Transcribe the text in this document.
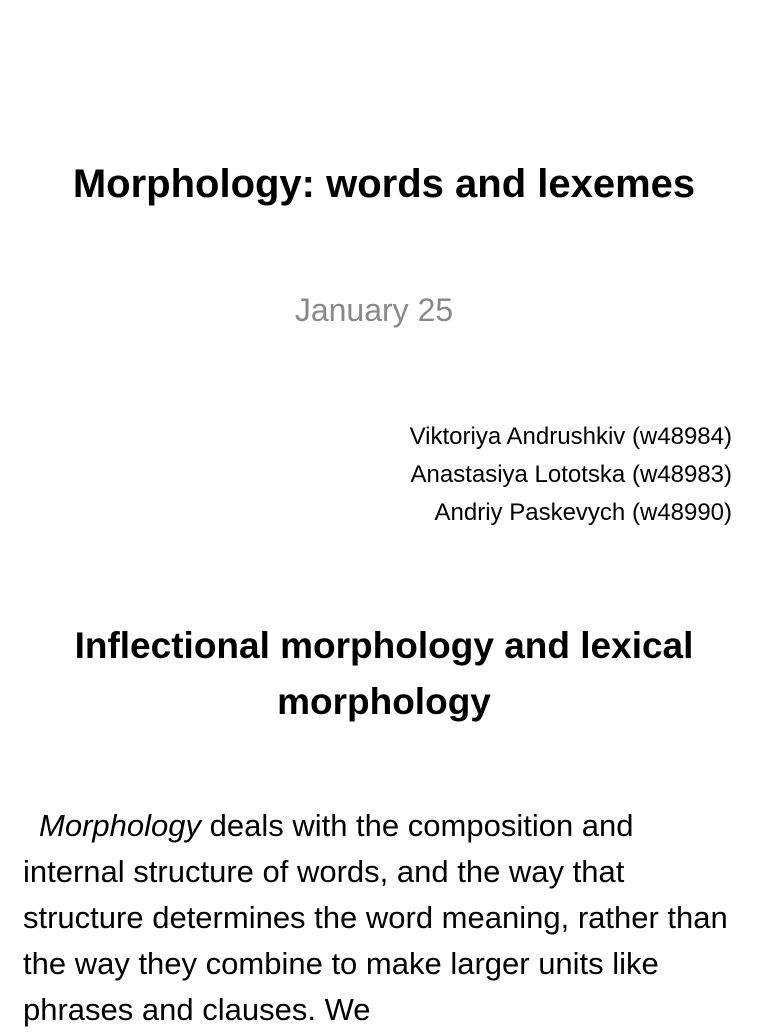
Morphology: words and lexemes
January 25
Viktoriya Andrushkiv (w48984)
Anastasiya Lototska (w48983)
Andriy Paskevych (w48990)
Inflectional morphology and lexical morphology

Morphology deals with the composition and internal structure of words, and the way that structure determines the word meaning, rather than the way they combine to make larger units like phrases and clauses. We
